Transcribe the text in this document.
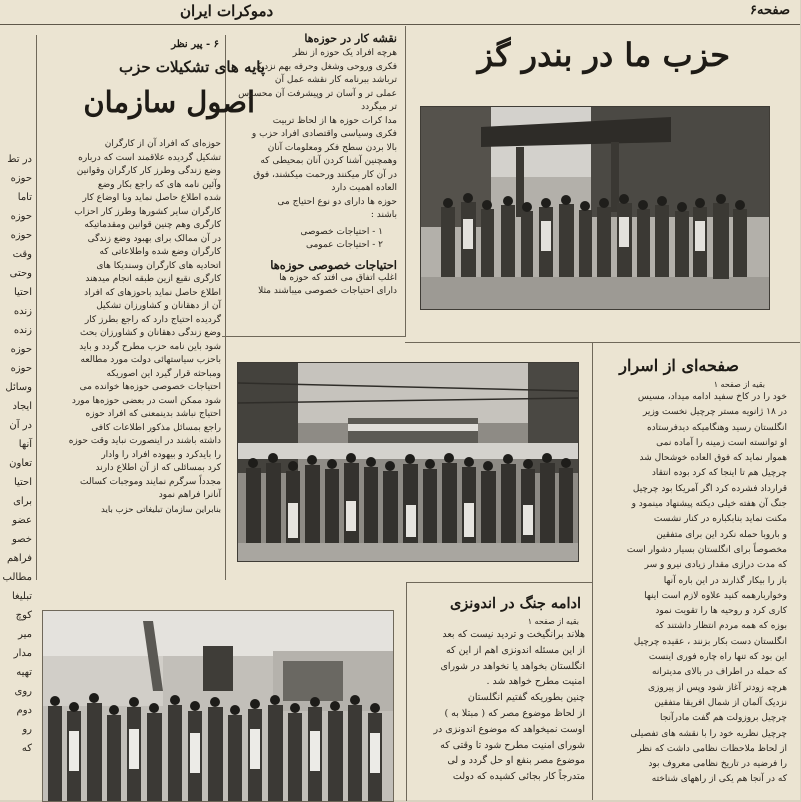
صفحه۶
دموکرات ایران

در تط

حوزه

تاما

حوزه

حوزه

وقت

وحتی

احتیا

زنده

زنده

حوزه

حوزه

وسائل

ایجاد

در آن

آنها

تعاون

احتیا

برای

عضو

خصو

فراهم

مطالب

تبلیغا

کوچ

میر

مدار

تهیه

روی

دوم

رو

که

۶ - پیر نظر
پایه های تشکیلات حزب
اصول سازمان

حوزه‌ای که افراد آن از کارگران

تشکیل گردیده علاقمند است که درباره

وضع زندگی وطرز کار کارگران وقوانین

وآئین نامه های که راجع بکار وضع

شده اطلاع حاصل نماید وبا اوضاع کار

کارگران سایر کشورها وطرز کار احزاب

کارگری وهم چنین قوانین ومقدماتیکه

در آن ممالک برای بهبود وضع زندگی

کارگران وضع شده واطلاعاتی که

اتحادیه های کارگران وسندیکا های

کارگری نقیع ازین طبقه انجام میدهند

اطلاع حاصل نماید باحوزهای که افراد

آن از دهقانان و کشاورزان تشکیل

گردیده احتیاج دارد که راجع بطرز کار

وضع زندگی دهقانان و کشاورزان بحث

شود باین نامه حزب مطرح گردد و باید

باحزب سیاستهائی دولت مورد مطالعه

ومباحثه قرار گیرد این اصوریکه

احتیاجات خصوصی حوزه‌ها خوانده می

شود ممکن است در بعضی حوزه‌ها مورد

احتیاج نباشد بدینمعنی که افراد حوزه

راجع بمسائل مذکور اطلاعات کافی

داشته باشند در اینصورت نباید وقت حوزه

را بایدکرد و بیهوده افراد را وادار

کرد بمسائلی که از آن اطلاع دارند

مجدداً سرگرم نمایند وموجبات کسالت

آنانرا فراهم نمود

بنابراین سازمان تبلیغاتی حزب باید
نقشه کار در حوزه‌ها

هرچه افراد یک حوزه از نظر

فکری وروحی وشغل وحرفه بهم نزدیک

ترباشد ببرنامه کار نقشه عمل آن

عملی تر و آسان تر وپیشرفت آن محسوس

تر میگردد

مدا کرات حوزه ها از لحاظ تربیت

فکری وسیاسی واقتصادی افراد حزب و

بالا بردن سطح فکر ومعلومات آنان

وهمچنین آشنا کردن آنان بمحیطی که

در آن کار میکنند ورحمت میکشند، فوق

العاده اهمیت دارد

حوزه ها دارای دو نوع احتیاج می

باشند :

۱ - احتیاجات خصوصی

۲ - احتیاجات عمومی

احتیاجات خصوصی حوزه‌ها

اغلب اتفاق می افتد که حوزه ها

دارای احتیاجات خصوصی میباشند مثلا

حزب ما در بندر گز
صفحه‌ای از اسرار
بقیه از صفحه ۱

خود را در کاخ سفید ادامه میداد، مسیس

در ۱۸ ژانویه مستر چرچیل نخست وزیر

انگلستان رسید وهنگامیکه دیدفرستاده

او توانسته است زمینه را آماده نمی

هموار نماید که فوق العاده خوشحال شد

چرچیل هم تا اینجا که کرد بوده انتقاد

قرارداد فشرده کرد اگر آمریکا بود چرچیل

جنگ آن هفته خیلی دیکته پیشنهاد مینمود و

مکنت نماید بنابکباره در کنار نشست

و باروبا حمله نکرد این برای متفقین

مخصوصاً برای انگلستان بسیار دشوار است

که مدت درازی مقدار زیادی نیرو و سر

باز را بیکار گذارند در این باره آنها

وخواربارهمه کنید علاوه لازم است اینها

کاری کرد و روحیه ها را تقویت نمود

بوزه که همه مردم انتظار داشتند که

انگلستان دست بکار بزنند ، عقیده چرچیل

این بود که تنها راه چاره فوری اینست

که حمله در اطراف در بالای مدیترانه

هرچه زودتر آغاز شود وپس از پیروزی

نزدیک آلمان از شمال افریقا متفقین

چرچیل بروزولت هم گفت مادرآنجا

چرچیل نظریه خود را با نقشه های تفصیلی

از لحاظ ملاحظات نظامی داشت که نظر

را فرضیه در تاریخ نظامی معروف بود

که در آنجا هم یکی از راههای شناخته

ادامه جنگ در اندونزی
بقیه از صفحه ۱

هلاند برانگیخت و تردید نیست که بعد

از این مسئله اندونزی اهم از این که

انگلستان بخواهد یا نخواهد در شورای

امنیت مطرح خواهد شد .

چنین بطوریکه گفتیم انگلستان

از لحاظ موضوع مصر که ( مبتلا به )

اوست نمیخواهد که موضوع اندونزی در

شورای امنیت مطرح شود تا وقتی که

موضوع مصر بنفع او حل گردد و لی

متدرجاً کار بجائی کشیده که دولت
